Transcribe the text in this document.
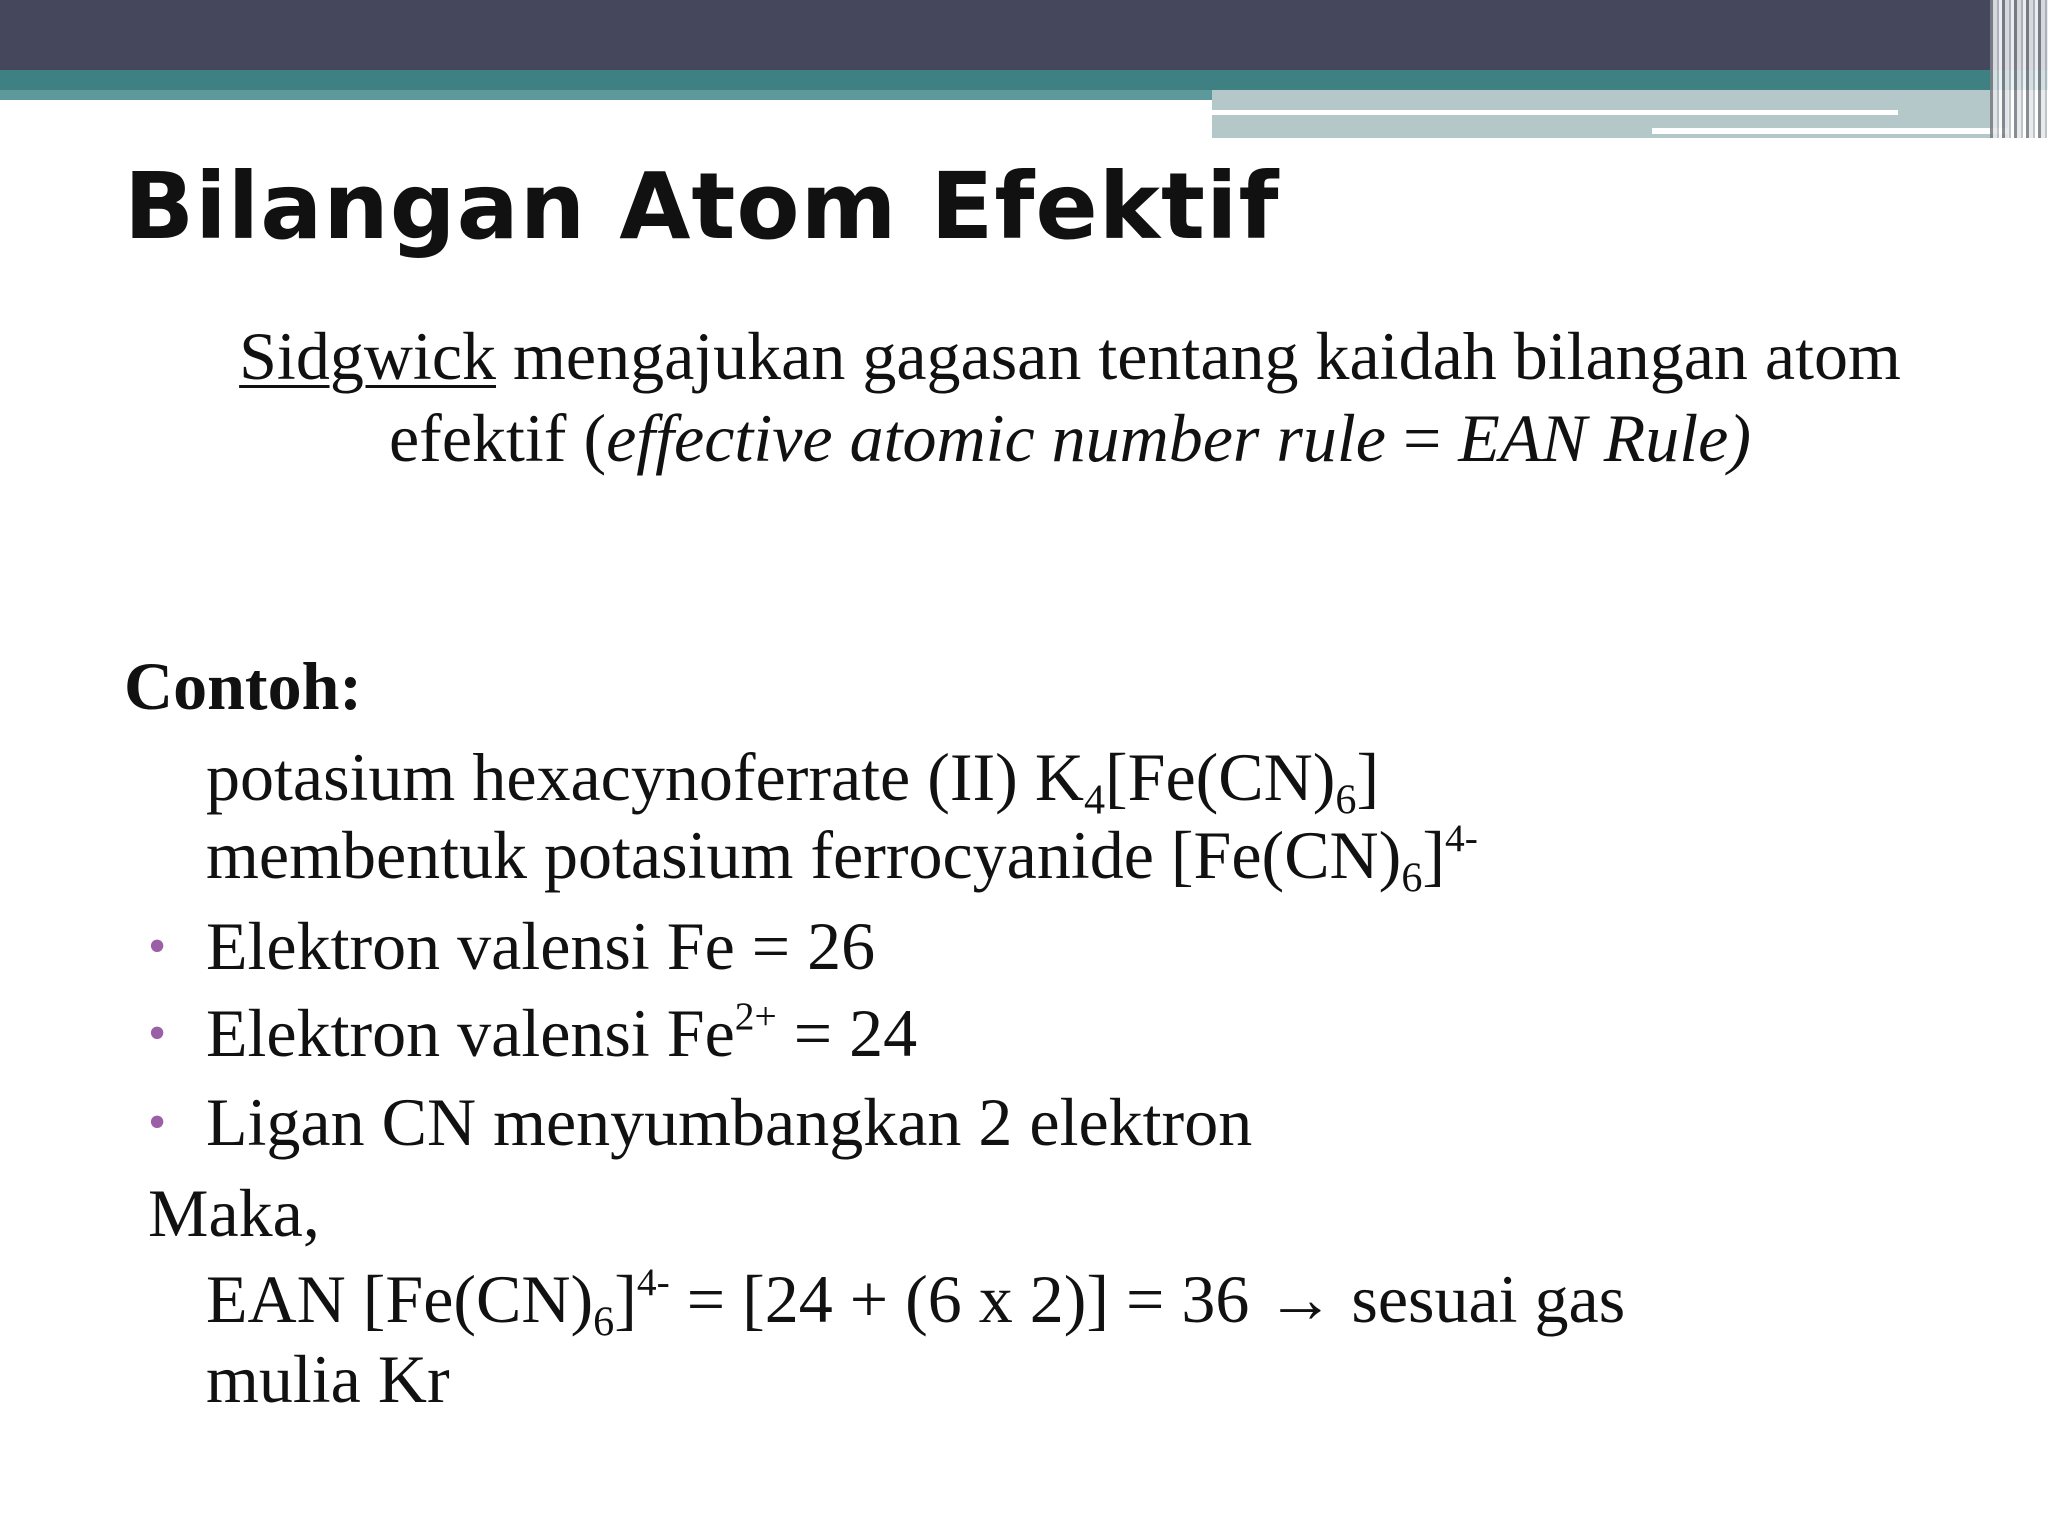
Bilangan Atom Efektif
Sidgwick mengajukan gagasan tentang kaidah bilangan atom efektif (effective atomic number rule = EAN Rule)
Contoh:
potasium hexacynoferrate (II) $K_4[Fe(CN)_6]$
membentuk potasium ferrocyanide $[Fe(CN)_6]^{4-}$
• Elektron valensi Fe = 26
• Elektron valensi $Fe^{2+} = 24$
• Ligan CN menyumbangkan 2 elektron
Maka,
EAN $[Fe(CN)_6]^{4-} = [24 + (6$ x 2)] = 36 → sesuai gas
mulia Kr
